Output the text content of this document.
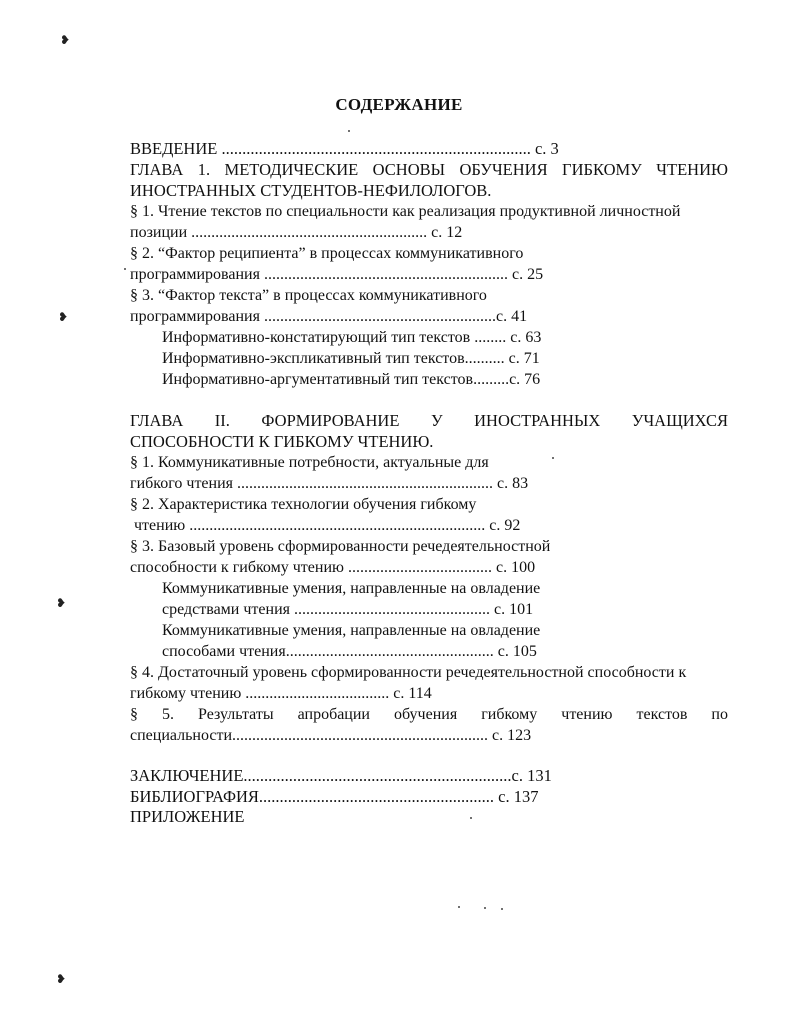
❥
❥
❥
❥
СОДЕРЖАНИЕ
ВВЕДЕНИЕ ........................................................................... с. 3
ГЛАВА 1. МЕТОДИЧЕСКИЕ ОСНОВЫ ОБУЧЕНИЯ ГИБКОМУ ЧТЕНИЮ
ИНОСТРАННЫХ СТУДЕНТОВ-НЕФИЛОЛОГОВ.
§ 1. Чтение текстов по специальности как реализация продуктивной личностной
позиции ........................................................... с. 12
§ 2. “Фактор реципиента” в процессах коммуникативного
программирования ............................................................. с. 25
§ 3. “Фактор текста” в процессах коммуникативного
программирования ..........................................................с. 41
Информативно-констатирующий тип текстов ........ с. 63
Информативно-экспликативный тип текстов.......... с. 71
Информативно-аргументативный тип текстов.........с. 76
ГЛАВА II. ФОРМИРОВАНИЕ У ИНОСТРАННЫХ УЧАЩИХСЯ
СПОСОБНОСТИ К ГИБКОМУ ЧТЕНИЮ.
§ 1. Коммуникативные потребности, актуальные для
гибкого чтения ................................................................ с. 83
§ 2. Характеристика технологии обучения гибкому
чтению .......................................................................... с. 92
§ 3. Базовый уровень сформированности речедеятельностной
способности к гибкому чтению .................................... с. 100
Коммуникативные умения, направленные на овладение
средствами чтения ................................................. с. 101
Коммуникативные умения, направленные на овладение
способами чтения.................................................... с. 105
§ 4. Достаточный уровень сформированности речедеятельностной способности к
гибкому чтению .................................... с. 114
§ 5. Результаты апробации обучения гибкому чтению текстов по
специальности................................................................ с. 123
ЗАКЛЮЧЕНИЕ.................................................................с. 131
БИБЛИОГРАФИЯ......................................................... с. 137
ПРИЛОЖЕНИЕ
